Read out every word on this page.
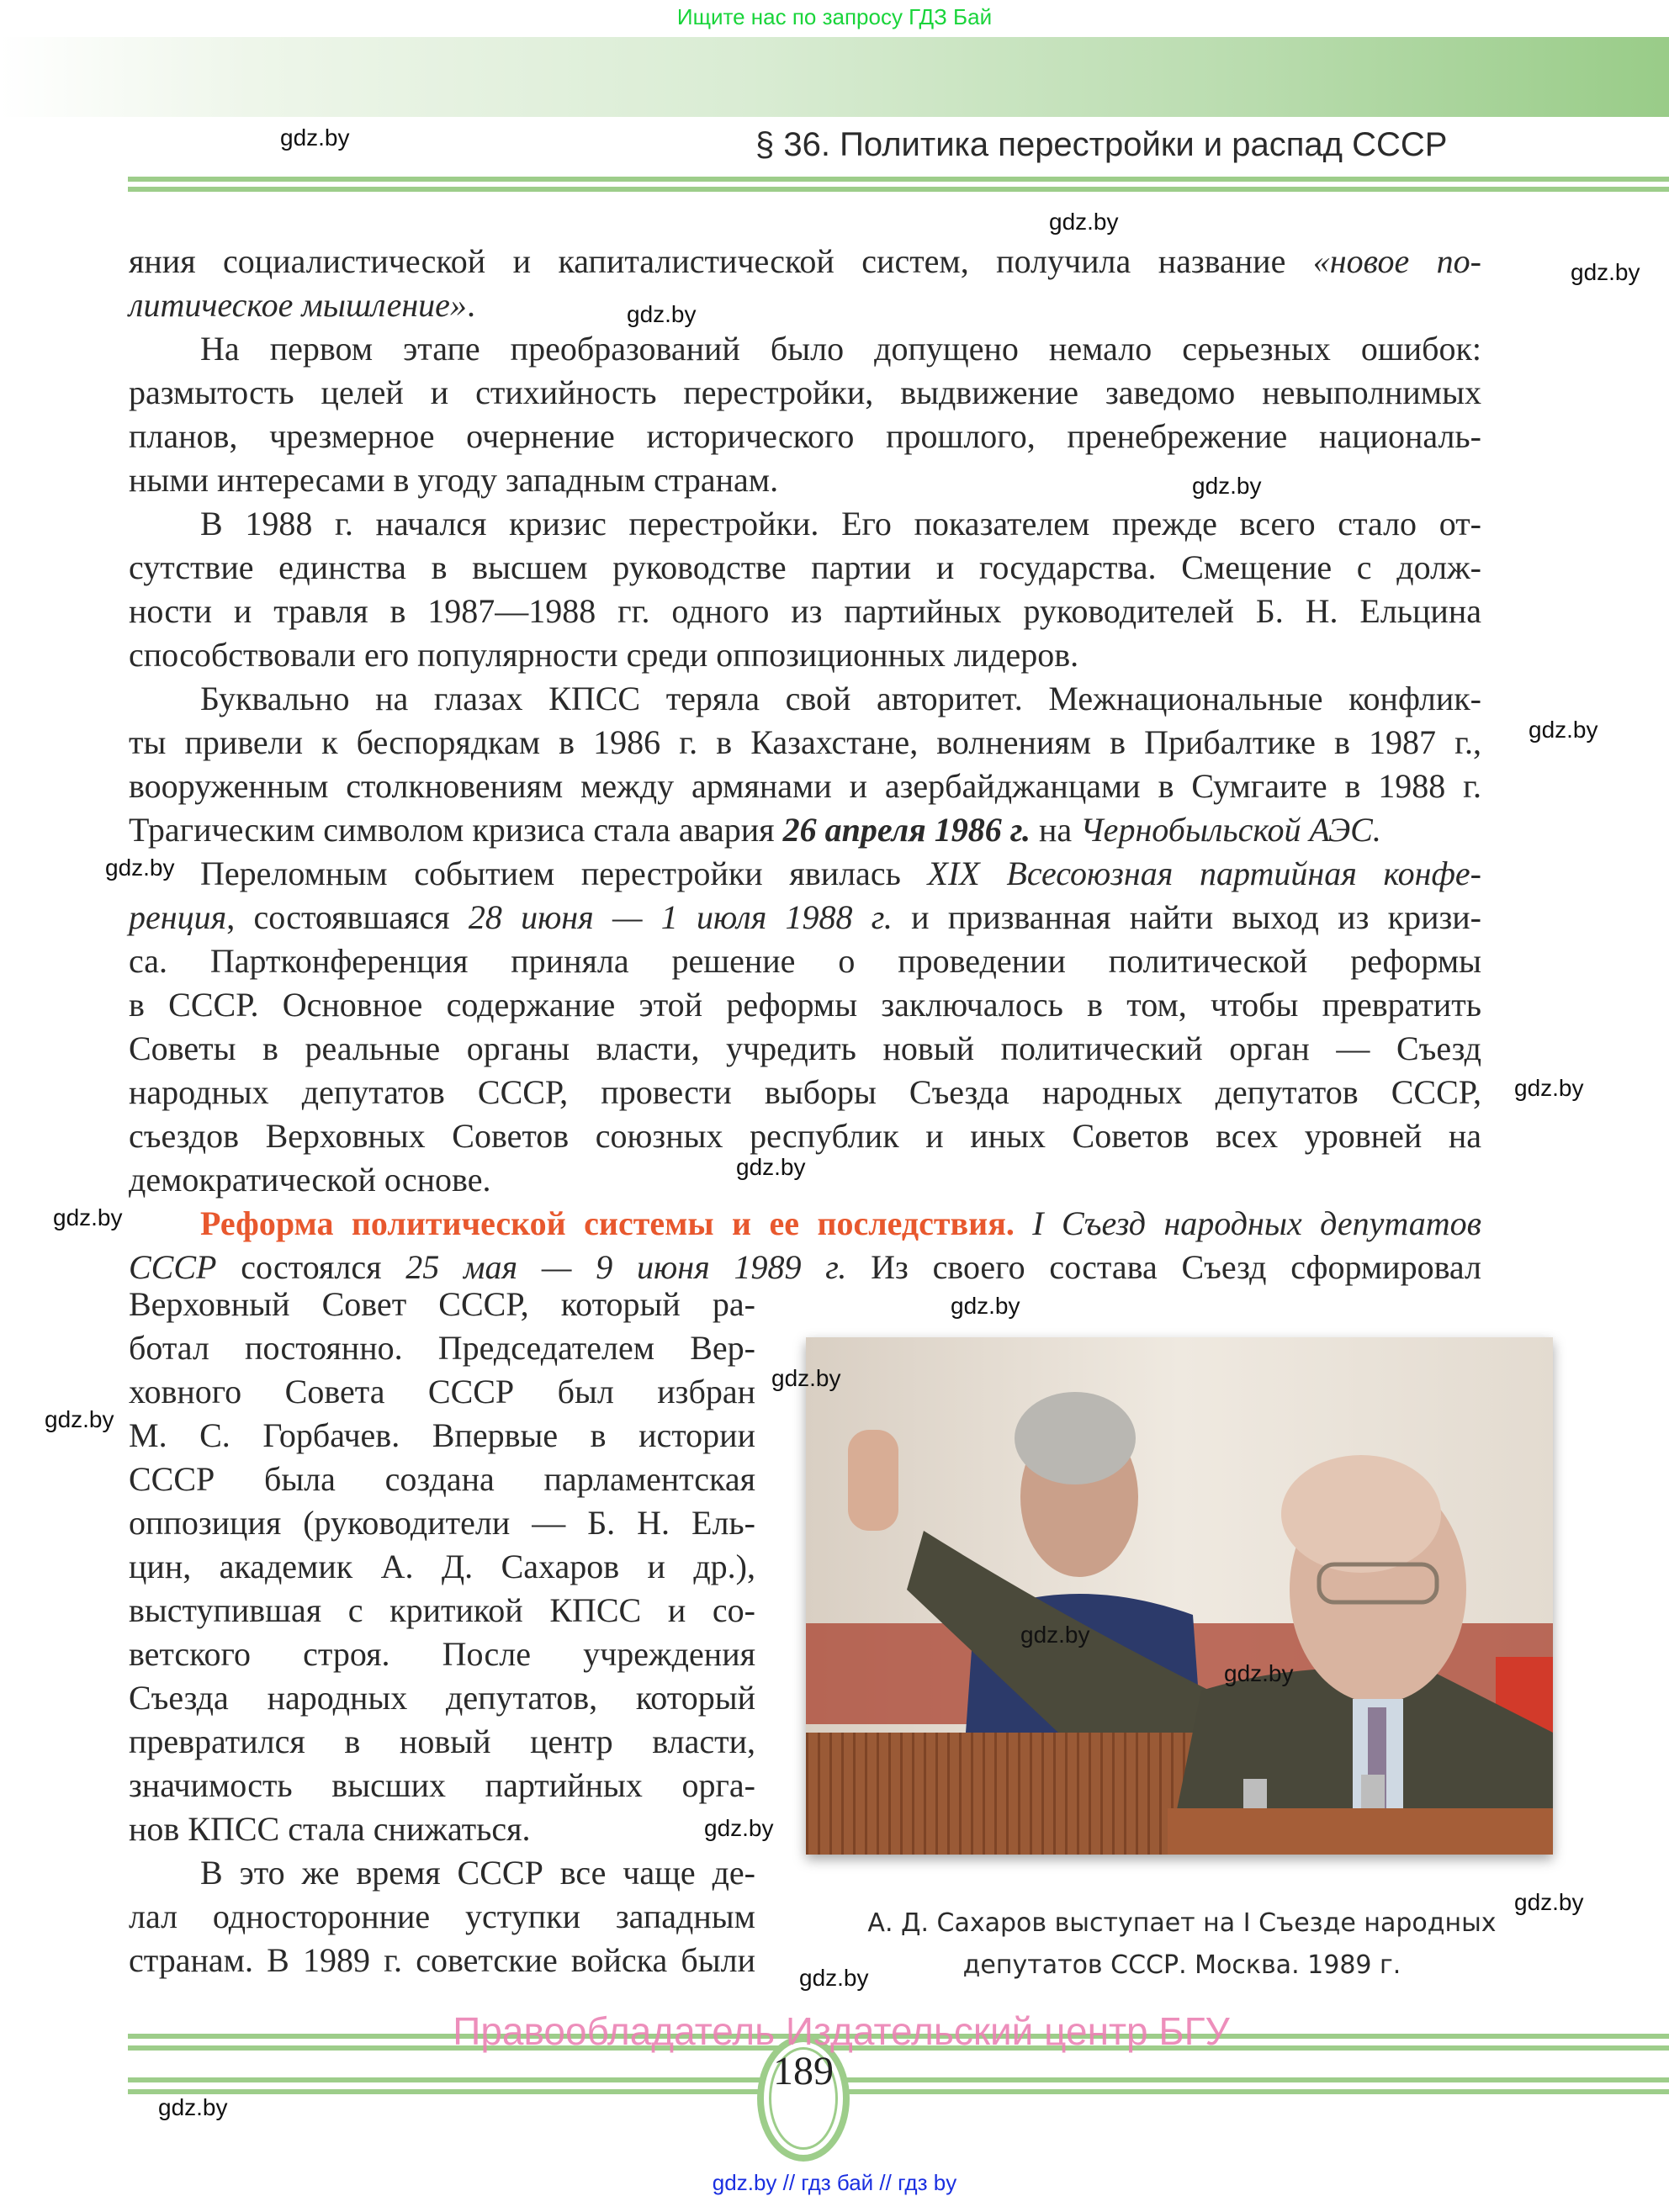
Ищите нас по запросу ГДЗ Бай
§ 36. Политика перестройки и распад СССР
яния социалистической и капиталистической систем, получила название «новое по-
литическое мышление».
На первом этапе преобразований было допущено немало серьезных ошибок:
размытость целей и стихийность перестройки, выдвижение заведомо невыполнимых
планов, чрезмерное очернение исторического прошлого, пренебрежение националь-
ными интересами в угоду западным странам.
В 1988 г. начался кризис перестройки. Его показателем прежде всего стало от-
сутствие единства в высшем руководстве партии и государства. Смещение с долж-
ности и травля в 1987—1988 гг. одного из партийных руководителей Б. Н. Ельцина
способствовали его популярности среди оппозиционных лидеров.
Буквально на глазах КПСС теряла свой авторитет. Межнациональные конфлик-
ты привели к беспорядкам в 1986 г. в Казахстане, волнениям в Прибалтике в 1987 г.,
вооруженным столкновениям между армянами и азербайджанцами в Сумгаите в 1988 г.
Трагическим символом кризиса стала авария 26 апреля 1986 г. на Чернобыльской АЭС.
Переломным событием перестройки явилась XIX Всесоюзная партийная конфе-
ренция, состоявшаяся 28 июня — 1 июля 1988 г. и призванная найти выход из кризи-
са. Партконференция приняла решение о проведении политической реформы
в СССР. Основное содержание этой реформы заключалось в том, чтобы превратить
Советы в реальные органы власти, учредить новый политический орган — Съезд
народных депутатов СССР, провести выборы Съезда народных депутатов СССР,
съездов Верховных Советов союзных республик и иных Советов всех уровней на
демократической основе.
Реформа политической системы и ее последствия. I Съезд народных депутатов
СССР состоялся 25 мая — 9 июня 1989 г. Из своего состава Съезд сформировал
Верховный Совет СССР, который ра-
ботал постоянно. Председателем Вер-
ховного Совета СССР был избран
М. С. Горбачев. Впервые в истории
СССР была создана парламентская
оппозиция (руководители — Б. Н. Ель-
цин, академик А. Д. Сахаров и др.),
выступившая с критикой КПСС и со-
ветского строя. После учреждения
Съезда народных депутатов, который
превратился в новый центр власти,
значимость высших партийных орга-
нов КПСС стала снижаться.
В это же время СССР все чаще де-
лал односторонние уступки западным
странам. В 1989 г. советские войска были
А. Д. Сахаров выступает на I Съезде народных
депутатов СССР. Москва. 1989 г.
189
Правообладатель Издательский центр БГУ
gdz.by // гдз бай // гдз by
gdz.by
gdz.by
gdz.by
gdz.by
gdz.by
gdz.by
gdz.by
gdz.by
gdz.by
gdz.by
gdz.by
gdz.by
gdz.by
gdz.by
gdz.by
gdz.by
gdz.by
gdz.by
gdz.by
